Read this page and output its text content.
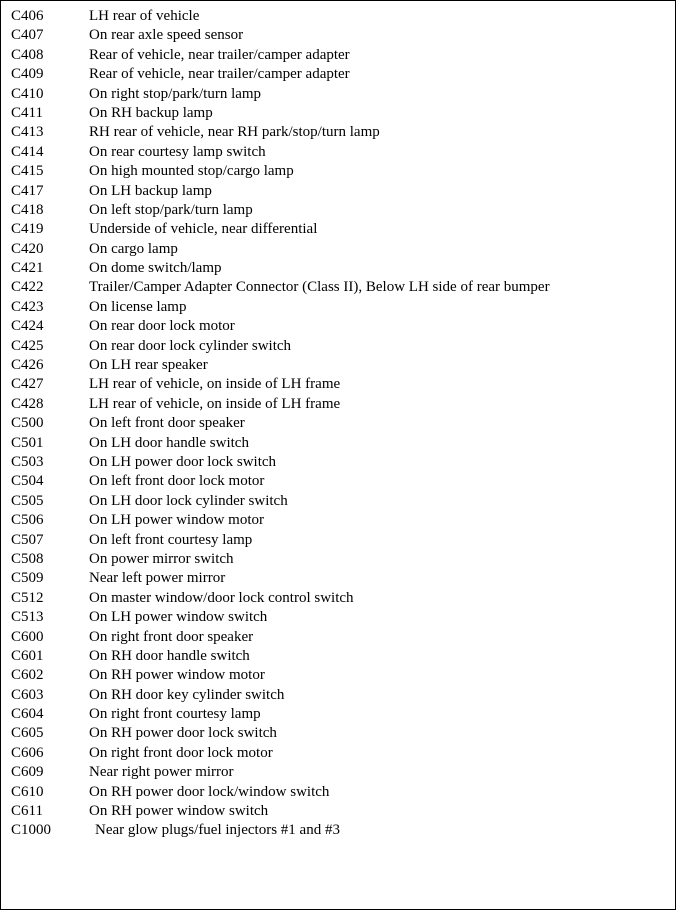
C406	LH rear of vehicle
C407	On rear axle speed sensor
C408	Rear of vehicle, near trailer/camper adapter
C409	Rear of vehicle, near trailer/camper adapter
C410	On right stop/park/turn lamp
C411	On RH backup lamp
C413	RH rear of vehicle, near RH park/stop/turn lamp
C414	On rear courtesy lamp switch
C415	On high mounted stop/cargo lamp
C417	On LH backup lamp
C418	On left stop/park/turn lamp
C419	Underside of vehicle, near differential
C420	On cargo lamp
C421	On dome switch/lamp
C422	Trailer/Camper Adapter Connector (Class II), Below LH side of rear bumper
C423	On license lamp
C424	On rear door lock motor
C425	On rear door lock cylinder switch
C426	On LH rear speaker
C427	LH rear of vehicle, on inside of LH frame
C428	LH rear of vehicle, on inside of LH frame
C500	On left front door speaker
C501	On LH door handle switch
C503	On LH power door lock switch
C504	On left front door lock motor
C505	On LH door lock cylinder switch
C506	On LH power window motor
C507	On left front courtesy lamp
C508	On power mirror switch
C509	Near left power mirror
C512	On master window/door lock control switch
C513	On LH power window switch
C600	On right front door speaker
C601	On RH door handle switch
C602	On RH power window motor
C603	On RH door key cylinder switch
C604	On right front courtesy lamp
C605	On RH power door lock switch
C606	On right front door lock motor
C609	Near right power mirror
C610	On RH power door lock/window switch
C611	On RH power window switch
C1000	Near glow plugs/fuel injectors #1 and #3
